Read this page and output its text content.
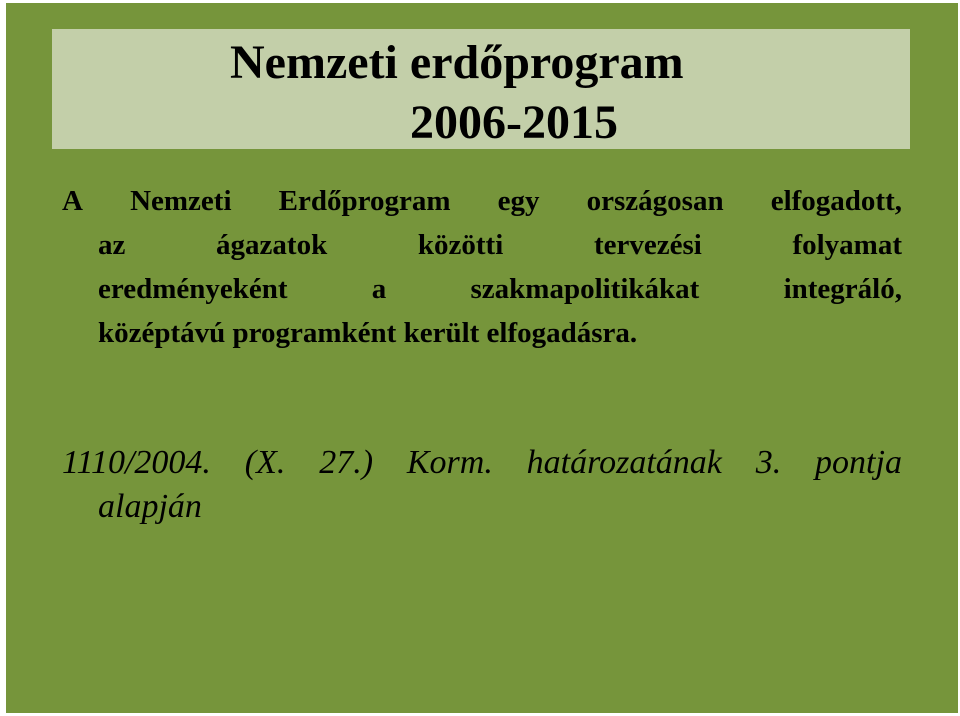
Nemzeti erdőprogram
2006-2015
A Nemzeti Erdőprogram egy országosan elfogadott,
az	ágazatok	közötti	tervezési	folyamat
eredményeként	a	szakmapolitikákat	integráló,
középtávú programként került elfogadásra.
1110/2004. (X. 27.) Korm. határozatának 3. pontja
alapján
